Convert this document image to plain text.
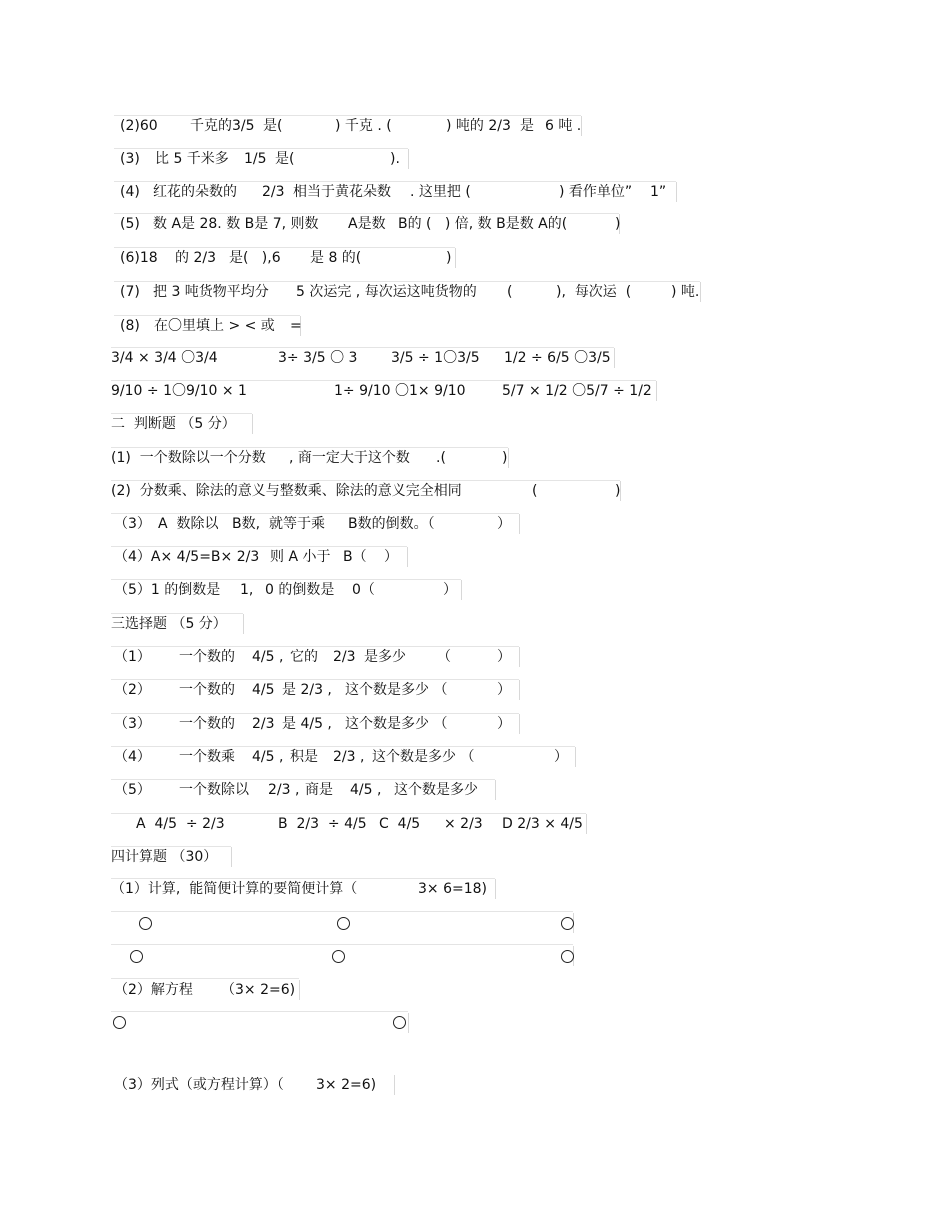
(2)60 千克的 3/5 是(	) 千克 . (	) 吨的 2/3 是 6 吨 .
(3) 比 5 千米多 1/5 是(	).
(4) 红花的朵数的 2/3 相当于黄花朵数 . 这里把 (	) 看作单位” 1”
(5) 数 A是 28. 数 B是 7, 则数 A是数 B的 (   ) 倍, 数 B是数 A的(	)
(6)18 的 2/3 是(   ),6 是 8 的(	)
(7) 把 3 吨货物平均分 5 次运完 , 每次运这吨货物的 (	),  每次运  (	) 吨.
(8) 在〇里填上 > < 或 =
3/4 × 3/4 〇3/4	3÷ 3/5 〇 3 3/5 ÷ 1〇3/5 1/2 ÷ 6/5 〇3/5
9/10 ÷ 1〇9/10 × 1	1÷ 9/10 〇1× 9/10	5/7 × 1/2 〇5/7 ÷ 1/2
二  判断题 （5 分）
(1)  一个数除以一个分数 , 商一定大于这个数 .(	)
(2)  分数乘、除法的意义与整数乘、除法的意义完全相同	(	)
（3） A  数除以 B数,  就等于乘 B数的倒数。（	）
（4）A× 4/5=B× 2/3 则 A 小于 B（ ）
（5）1 的倒数是 1, 0 的倒数是 0（	）
三选择题 （5 分）
（1） 一个数的 4/5 , 它的 2/3 是多少 （	）
（2） 一个数的 4/5 是 2/3 , 这个数是多少 （	）
（3） 一个数的 2/3 是 4/5 , 这个数是多少 （	）
（4） 一个数乘 4/5 , 积是 2/3 , 这个数是多少 （	）
（5） 一个数除以 2/3 , 商是 4/5 , 这个数是多少
A  4/5  ÷ 2/3	B  2/3  ÷ 4/5 C  4/5 × 2/3 D 2/3 × 4/5
四计算题 （30）
（1）计算,  能简便计算的要简便计算（	3× 6=18)
（2）解方程 （3× 2=6)
（3）列式（或方程计算）（ 3× 2=6)
